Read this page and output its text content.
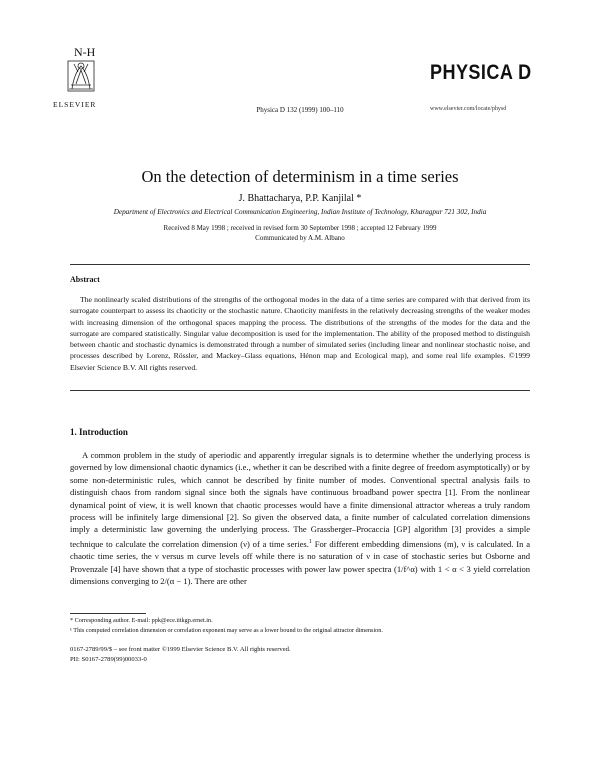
N-H
ELSEVIER
Physica D 132 (1999) 100–110
PHYSICA D
www.elsevier.com/locate/physd
On the detection of determinism in a time series
J. Bhattacharya, P.P. Kanjilal *
Department of Electronics and Electrical Communication Engineering, Indian Institute of Technology, Kharagpur 721 302, India
Received 8 May 1998 ; received in revised form 30 September 1998 ; accepted 12 February 1999
Communicated by A.M. Albano
Abstract
The nonlinearly scaled distributions of the strengths of the orthogonal modes in the data of a time series are compared with that derived from its surrogate counterpart to assess its chaoticity or the stochastic nature. Chaoticity manifests in the relatively decreasing strengths of the weaker modes with increasing dimension of the orthogonal spaces mapping the process. The distributions of the strengths of the modes for the data and the surrogate are compared statistically. Singular value decomposition is used for the implementation. The ability of the proposed method to distinguish between chaotic and stochastic dynamics is demonstrated through a number of simulated series (including linear and nonlinear stochastic noise, and processes described by Lorenz, Rössler, and Mackey–Glass equations, Hénon map and Ecological map), and some real life examples. ©1999 Elsevier Science B.V. All rights reserved.
1. Introduction
A common problem in the study of aperiodic and apparently irregular signals is to determine whether the underlying process is governed by low dimensional chaotic dynamics (i.e., whether it can be described with a finite degree of freedom asymptotically) or by some non-deterministic rules, which cannot be described by finite number of modes. Conventional spectral analysis fails to distinguish chaos from random signal since both the signals have continuous broadband power spectra [1]. From the nonlinear dynamical point of view, it is well known that chaotic processes would have a finite dimensional attractor whereas a truly random process will be infinitely large dimensional [2]. So given the observed data, a finite number of calculated correlation dimensions imply a deterministic law governing the underlying process. The Grassberger–Procaccia [GP] algorithm [3] provides a simple technique to calculate the correlation dimension (ν) of a time series.$^1$ For different embedding dimensions (m), ν is calculated. In a chaotic time series, the ν versus m curve levels off while there is no saturation of ν in case of stochastic series but Osborne and Provenzale [4] have shown that a type of stochastic processes with power law power spectra (1/f^α) with 1 < α < 3 yield correlation dimensions converging to 2/(α − 1). There are other
* Corresponding author. E-mail: ppk@ece.iitkgp.ernet.in.
¹ This computed correlation dimension or correlation exponent may serve as a lower bound to the original attractor dimension.
0167-2789/99/$ – see front matter ©1999 Elsevier Science B.V. All rights reserved.
PII: S0167-2789(99)00033-0
